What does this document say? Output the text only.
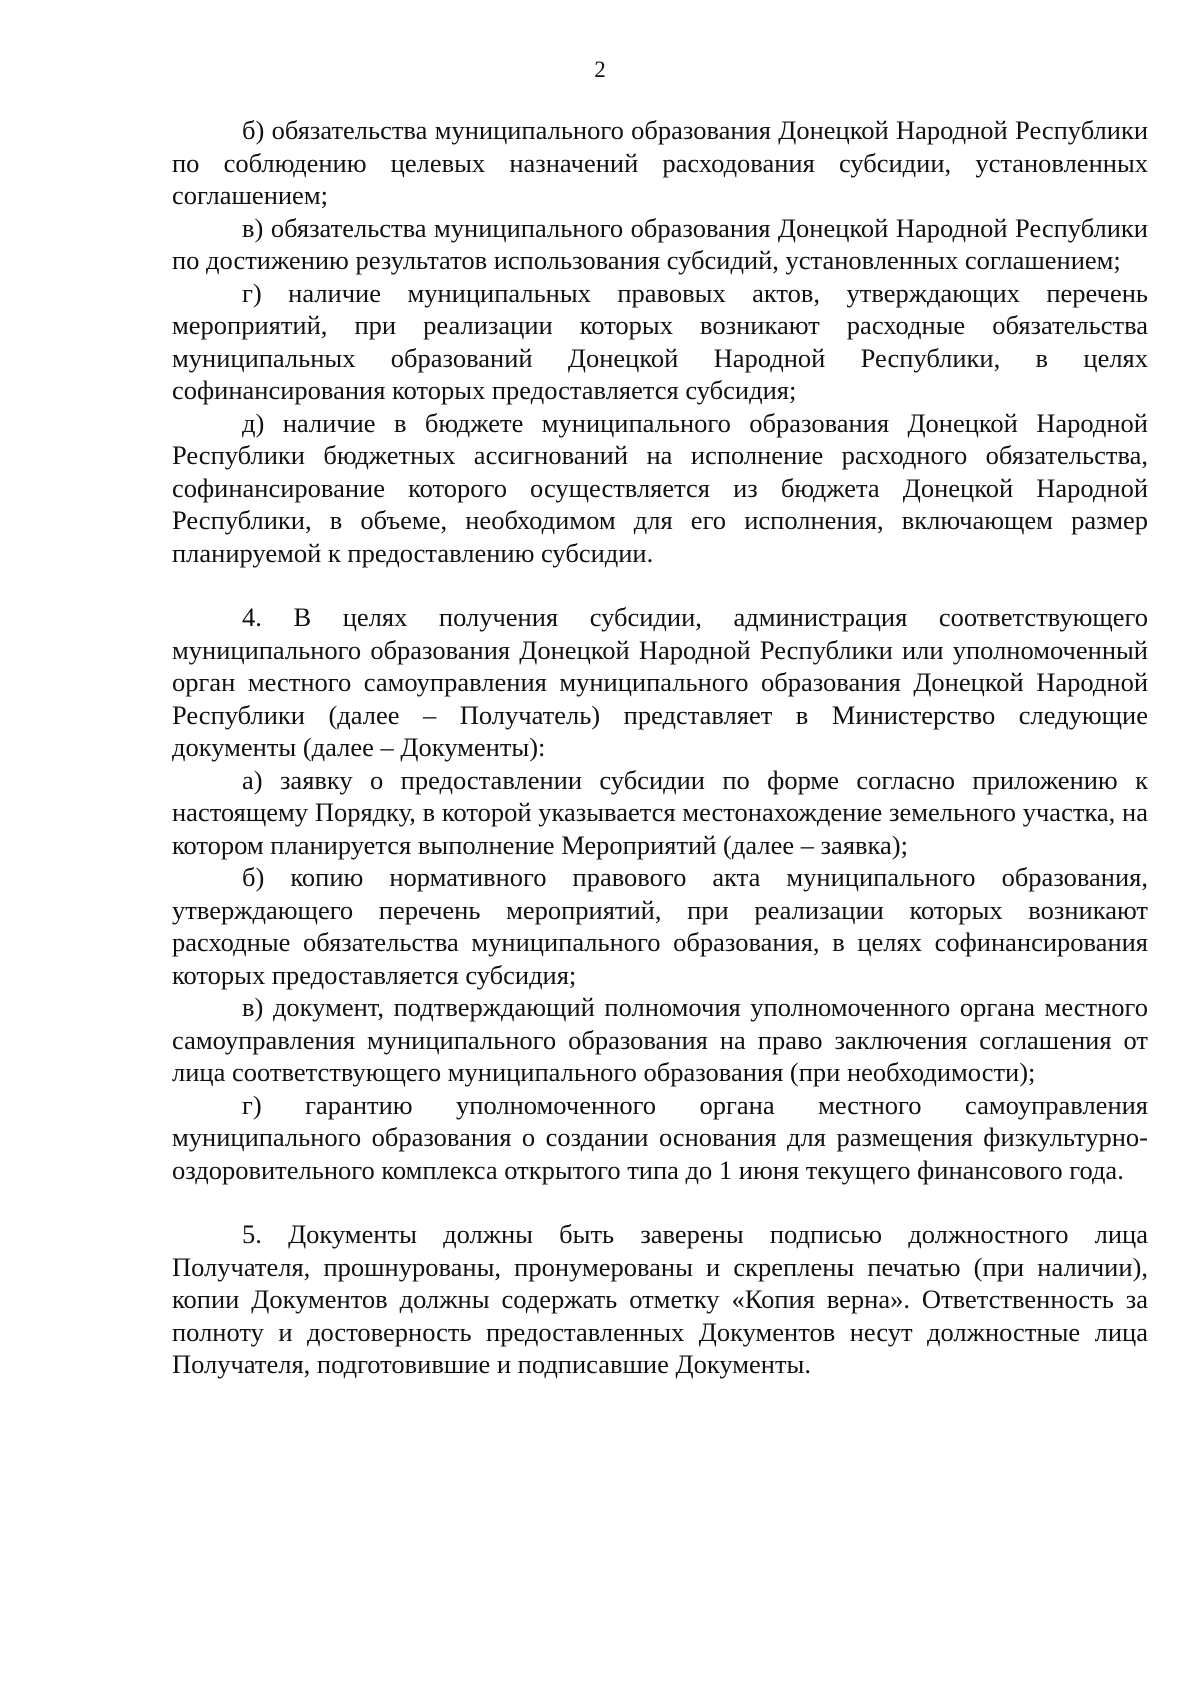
2

б) обязательства муниципального образования Донецкой Народной Республики по соблюдению целевых назначений расходования субсидии, установленных соглашением;

в) обязательства муниципального образования Донецкой Народной Республики по достижению результатов использования субсидий, установленных соглашением;

г) наличие муниципальных правовых актов, утверждающих перечень мероприятий, при реализации которых возникают расходные обязательства муниципальных образований Донецкой Народной Республики, в целях софинансирования которых предоставляется субсидия;

д) наличие в бюджете муниципального образования Донецкой Народной Республики бюджетных ассигнований на исполнение расходного обязательства, софинансирование которого осуществляется из бюджета Донецкой Народной Республики, в объеме, необходимом для его исполнения, включающем размер планируемой к предоставлению субсидии.

4. В целях получения субсидии, администрация соответствующего муниципального образования Донецкой Народной Республики или уполномоченный орган местного самоуправления муниципального образования Донецкой Народной Республики (далее – Получатель) представляет в Министерство следующие документы (далее – Документы):

а) заявку о предоставлении субсидии по форме согласно приложению к настоящему Порядку, в которой указывается местонахождение земельного участка, на котором планируется выполнение Мероприятий (далее – заявка);

б) копию нормативного правового акта муниципального образования, утверждающего перечень мероприятий, при реализации которых возникают расходные обязательства муниципального образования, в целях софинансирования которых предоставляется субсидия;

в) документ, подтверждающий полномочия уполномоченного органа местного самоуправления муниципального образования на право заключения соглашения от лица соответствующего муниципального образования (при необходимости);

г) гарантию уполномоченного органа местного самоуправления муниципального образования о создании основания для размещения физкультурно-оздоровительного комплекса открытого типа до 1 июня текущего финансового года.

5. Документы должны быть заверены подписью должностного лица Получателя, прошнурованы, пронумерованы и скреплены печатью (при наличии), копии Документов должны содержать отметку «Копия верна». Ответственность за полноту и достоверность предоставленных Документов несут должностные лица Получателя, подготовившие и подписавшие Документы.
